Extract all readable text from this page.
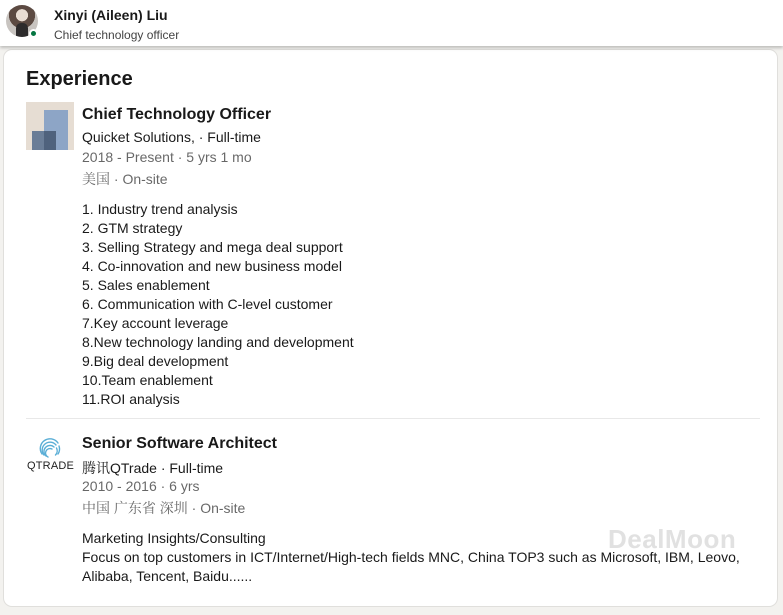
Xinyi (Aileen) Liu
Chief technology officer
Experience
Chief Technology Officer
Quicket Solutions, · Full-time
2018 - Present · 5 yrs 1 mo
美国 · On-site
1. Industry trend analysis
2. GTM strategy
3. Selling Strategy and mega deal support
4. Co-innovation and new business model
5. Sales enablement
6. Communication with C-level customer
7.Key account leverage
8.New technology landing and development
9.Big deal development
10.Team enablement
11.ROI analysis
QTRADE
Senior Software Architect
腾讯QTrade · Full-time
2010 - 2016 · 6 yrs
中国 广东省 深圳 · On-site
Marketing Insights/Consulting
Focus on top customers in ICT/Internet/High-tech fields MNC, China TOP3 such as Microsoft, IBM, Leovo,
Alibaba, Tencent, Baidu......
DealMoon
